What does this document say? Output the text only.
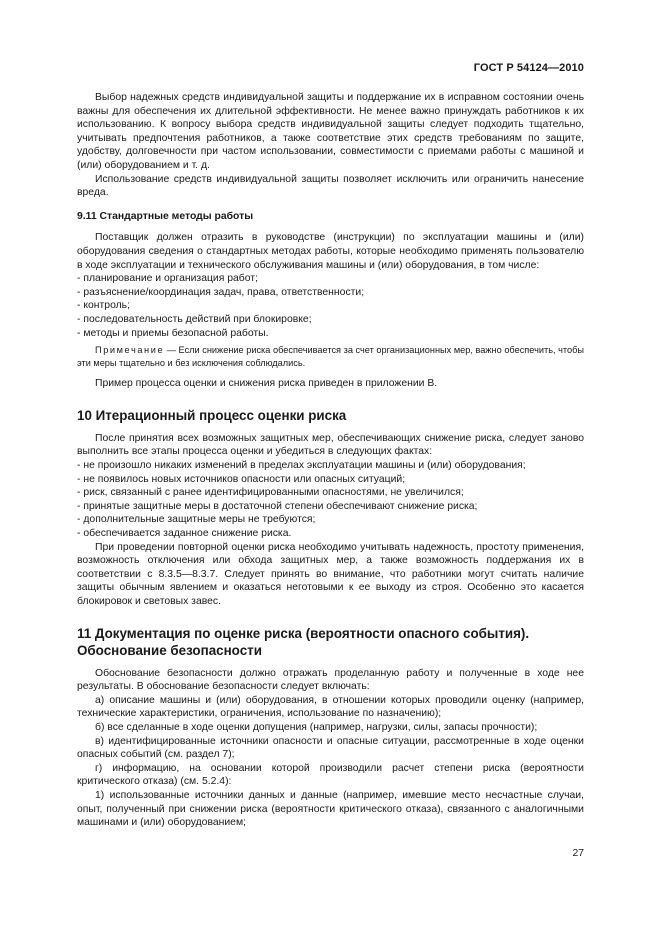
ГОСТ Р 54124—2010

Выбор надежных средств индивидуальной защиты и поддержание их в исправном состоянии очень важны для обеспечения их длительной эффективности. Не менее важно принуждать работников к их использованию. К вопросу выбора средств индивидуальной защиты следует подходить тщательно, учитывать предпочтения работников, а также соответствие этих средств требованиям по защите, удобству, долговечности при частом использовании, совместимости с приемами работы с машиной и (или) оборудованием и т. д.

Использование средств индивидуальной защиты позволяет исключить или ограничить нанесение вреда.

9.11 Стандартные методы работы

Поставщик должен отразить в руководстве (инструкции) по эксплуатации машины и (или) оборудования сведения о стандартных методах работы, которые необходимо применять пользователю в ходе эксплуатации и технического обслуживания машины и (или) оборудования, в том числе:

- планирование и организация работ;

- разъяснение/координация задач, права, ответственности;

- контроль;

- последовательность действий при блокировке;

- методы и приемы безопасной работы.

Примечание — Если снижение риска обеспечивается за счет организационных мер, важно обеспечить, чтобы эти меры тщательно и без исключения соблюдались.

Пример процесса оценки и снижения риска приведен в приложении В.

10 Итерационный процесс оценки риска

После принятия всех возможных защитных мер, обеспечивающих снижение риска, следует заново выполнить все этапы процесса оценки и убедиться в следующих фактах:

- не произошло никаких изменений в пределах эксплуатации машины и (или) оборудования;

- не появилось новых источников опасности или опасных ситуаций;

- риск, связанный с ранее идентифицированными опасностями, не увеличился;

- принятые защитные меры в достаточной степени обеспечивают снижение риска;

- дополнительные защитные меры не требуются;

- обеспечивается заданное снижение риска.

При проведении повторной оценки риска необходимо учитывать надежность, простоту применения, возможность отключения или обхода защитных мер, а также возможность поддержания их в соответствии с 8.3.5—8.3.7. Следует принять во внимание, что работники могут считать наличие защиты обычным явлением и оказаться неготовыми к ее выходу из строя. Особенно это касается блокировок и световых завес.

11 Документация по оценке риска (вероятности опасного события).
Обоснование безопасности

Обоснование безопасности должно отражать проделанную работу и полученные в ходе нее результаты. В обоснование безопасности следует включать:

а) описание машины и (или) оборудования, в отношении которых проводили оценку (например, технические характеристики, ограничения, использование по назначению);

б) все сделанные в ходе оценки допущения (например, нагрузки, силы, запасы прочности);

в) идентифицированные источники опасности и опасные ситуации, рассмотренные в ходе оценки опасных событий (см. раздел 7);

г) информацию, на основании которой производили расчет степени риска (вероятности критического отказа) (см. 5.2.4):

1) использованные источники данных и данные (например, имевшие место несчастные случаи, опыт, полученный при снижении риска (вероятности критического отказа), связанного с аналогичными машинами и (или) оборудованием;

27
